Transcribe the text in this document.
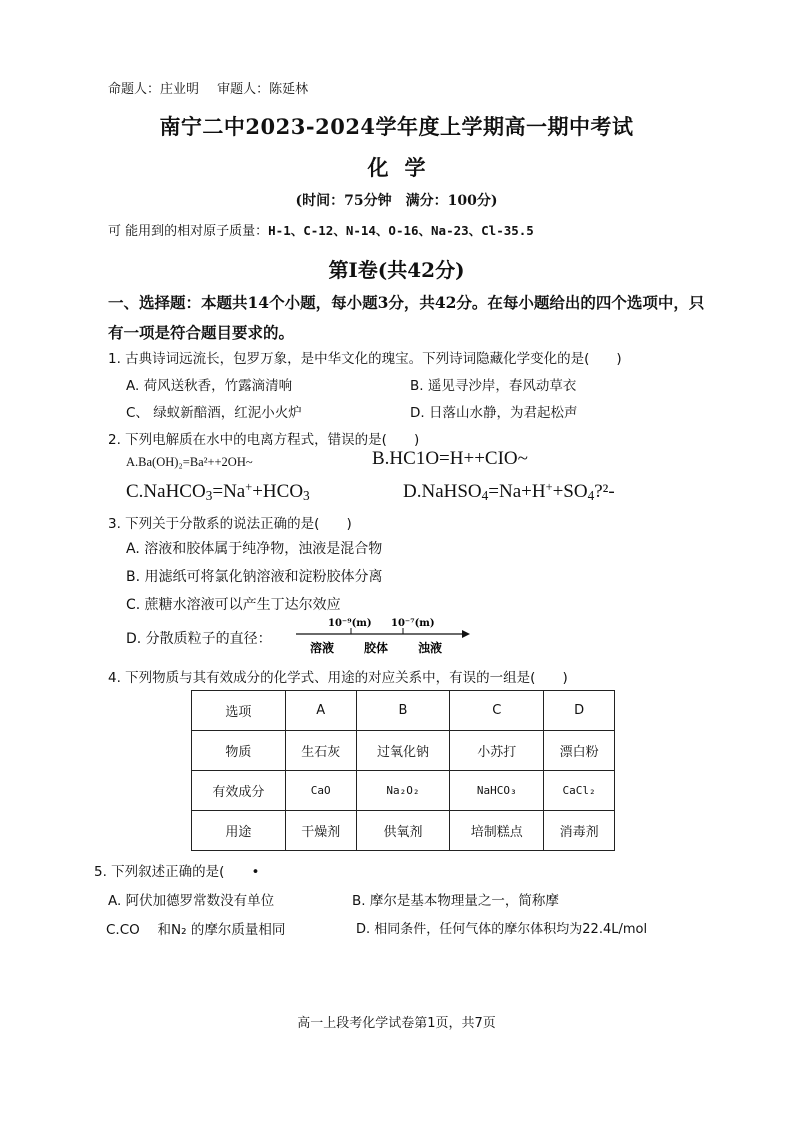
命题人：庄业明 审题人：陈延林
南宁二中2023-2024学年度上学期高一期中考试
化学
(时间：75分钟　满分：100分)
可 能用到的相对原子质量：H-1、C-12、N-14、O-16、Na-23、Cl-35.5
第I卷(共42分)
一、选择题：本题共14个小题，每小题3分，共42分。在每小题给出的四个选项中，只有一项是符合题目要求的。
1. 古典诗词远流长，包罗万象，是中华文化的瑰宝。下列诗词隐藏化学变化的是(　　)
A. 荷风送秋香，竹露滴清响	B. 遥见寻沙岸，春风动草衣
C、 绿蚁新醅酒，红泥小火炉	D. 日落山水静，为君起松声
2. 下列电解质在水中的电离方程式，错误的是(　　)
A.Ba(OH)₂=Ba²++2OH~	B.HC1O=H++CIO~
$C.NaHCO_3=Na^++HCO_3$	$D.NaHSO_4=Na+H^++SO_4?^2-$
3. 下列关于分散系的说法正确的是(　　)
A. 溶液和胶体属于纯净物，浊液是混合物
B. 用滤纸可将氯化钠溶液和淀粉胶体分离
C. 蔗糖水溶液可以产生丁达尔效应
D. 分散质粒子的直径：
10⁻⁹(m) 10⁻⁷(m)
溶液 胶体 浊液
4. 下列物质与其有效成分的化学式、用途的对应关系中，有误的一组是(　　)
选项	A	B	C	D
物质	生石灰	过氧化钠	小苏打	漂白粉
有效成分	CaO	Na₂O₂	NaHCO₃	CaCl₂
用途	干燥剂	供氧剂	培制糕点	消毒剂
5. 下列叙述正确的是(　　•
A. 阿伏加德罗常数没有单位	B. 摩尔是基本物理量之一，简称摩
C.CO　 和N₂ 的摩尔质量相同	D. 相同条件，任何气体的摩尔体积均为22.4L/mol
高一上段考化学试卷第1页，共7页
